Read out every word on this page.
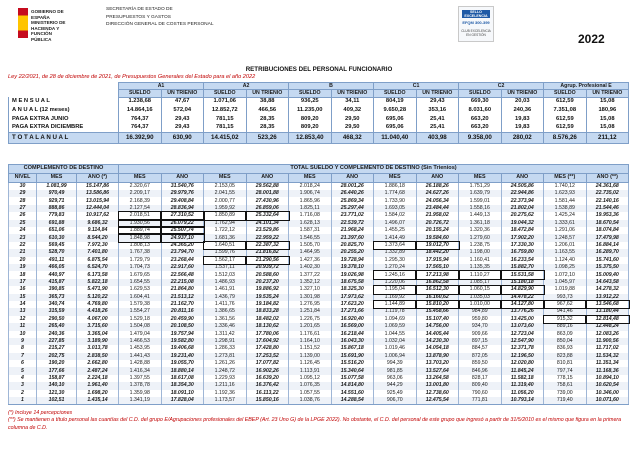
GOBIERNO DE ESPAÑA MINISTERIO DE HACIENDA Y FUNCIÓN PÚBLICA
SECRETARÍA DE ESTADO DE
PRESUPUESTOS Y GASTOS
DIRECCIÓN GENERAL DE COSTES PERSONAL
SELLO EXCELENCIA
EFQM 300-399
CLUB EXCELENCIA EN GESTIÓN	2022
RETRIBUCIONES DEL PERSONAL FUNCIONARIO
Ley 22/2021, de 28 de diciembre de 2021, de Presupuestos Generales del Estado para el año 2022
	A1		A2		B		C1		C2		Agrup. Profesional E	
	SUELDO	UN TRIENIO	SUELDO	UN TRIENIO	SUELDO	UN TRIENIO	SUELDO	UN TRIENIO	SUELDO	UN TRIENIO	SUELDO	UN TRIENIO
M E N S U A L	1.238,68	47,67	1.071,06	38,88	936,25	34,11	804,19	29,43	669,30	20,03	612,59	15,08
A N U A L (12 meses)	14.864,16	572,04	12.852,72	466,56	11.235,00	409,32	9.650,28	353,16	8.031,60	240,36	7.351,08	180,96
PAGA EXTRA JUNIO	764,37	29,43	781,15	28,35	809,20	29,50	695,06	25,41	663,20	19,83	612,59	15,08
PAGA EXTRA DICIEMBRE	764,37	29,43	781,15	28,35	809,20	29,50	695,06	25,41	663,20	19,83	612,59	15,08
T O T A L A N U A L	16.392,90	630,90	14.415,02	523,26	12.853,40	468,32	11.040,40	403,98	9.358,00	280,02	8.576,26	211,12
COMPLEMENTO DE DESTINO			TOTAL SUELDO Y COMPLEMENTO DE DESTINO (Sin Trienios)											
NIVEL	MES	AÑO (*)	MES	AÑO	MES	AÑO	MES	AÑO	MES	AÑO	MES	AÑO	MES (**)	AÑO (**)
30	1.081,99	15.147,86	2.320,67	31.540,76	2.153,05	29.562,88	2.018,24	28.001,26	1.886,18	26.188,26	1.751,29	24.505,86	1.740,12	24.361,68
29	970,49	13.586,86	2.209,17	29.979,76	2.041,55	28.001,88	1.906,74	26.440,26	1.774,68	24.627,26	1.639,79	22.944,86	1.623,93	22.735,02
28	929,71	13.015,94	2.168,39	29.408,84	2.000,77	27.430,96	1.865,96	25.869,34	1.733,90	24.056,34	1.599,01	22.373,94	1.581,44	22.140,16
27	888,86	12.444,04	2.127,54	28.836,94	1.959,92	26.859,06	1.825,11	25.297,44	1.693,05	23.484,44	1.558,16	21.802,04	1.538,89	21.544,46
26	779,83	10.917,62	2.018,51	27.310,52	1.850,89	25.332,64	1.716,08	23.771,02	1.584,02	21.958,02	1.449,13	20.275,62	1.425,24	19.953,36
25	691,88	9.686,32	1.930,56	26.079,22	1.762,94	24.101,34	1.628,13	22.539,72	1.496,07	20.726,72	1.361,18	19.044,32	1.333,61	18.670,54
24	651,06	9.114,84	1.889,74	25.507,74	1.722,12	23.529,86	1.587,31	21.968,24	1.455,25	20.155,24	1.320,36	18.472,84	1.291,06	18.074,84
23	610,30	8.544,20	1.848,98	24.937,10	1.681,36	22.959,22	1.546,55	21.397,60	1.414,49	19.584,60	1.279,60	17.902,20	1.248,57	17.479,98
22	569,45	7.972,30	1.808,13	24.365,20	1.640,51	22.387,32	1.505,70	20.825,70	1.373,64	19.012,70	1.238,75	17.330,30	1.206,01	16.884,14
21	528,70	7.401,80	1.767,38	23.794,70	1.599,76	21.816,82	1.464,95	20.255,20	1.332,89	18.442,20	1.198,00	16.759,80	1.163,55	16.289,70
20	491,11	6.875,54	1.729,79	23.268,44	1.562,17	21.290,56	1.427,36	19.728,94	1.295,30	17.915,94	1.160,41	16.233,54	1.124,40	15.741,60
19	466,05	6.524,70	1.704,73	22.917,60	1.537,11	20.939,72	1.402,30	19.378,10	1.270,24	17.565,10	1.135,35	15.882,70	1.098,25	15.375,50
18	440,97	6.173,58	1.679,65	22.566,48	1.512,03	20.588,60	1.377,22	19.026,98	1.245,16	17.213,98	1.110,27	15.531,58	1.072,10	15.009,40
17	415,87	5.822,18	1.654,55	22.215,08	1.486,93	20.237,20	1.352,12	18.675,58	1.220,06	16.862,58	1.085,17	15.180,18	1.045,97	14.643,58
16	390,85	5.471,90	1.629,53	21.864,80	1.461,91	19.886,92	1.327,10	18.325,30	1.195,04	16.512,30	1.060,15	14.829,90	1.019,88	14.278,32
15	365,73	5.120,22	1.604,41	21.513,12	1.436,79	19.535,24	1.301,98	17.973,62	1.169,92	16.160,62	1.035,03	14.478,22	993,73	13.912,22
14	340,74	4.769,80	1.579,38	21.162,70	1.411,76	19.184,82	1.276,95	17.623,20	1.144,89	15.810,20	1.010,00	14.127,80	967,62	13.546,68
13	315,59	4.418,26	1.554,27	20.811,16	1.386,65	18.833,28	1.251,84	17.271,66	1.119,78	15.458,66	984,89	13.776,26	941,46	13.180,44
12	290,50	4.067,00	1.529,18	20.459,90	1.361,56	18.482,02	1.226,75	16.920,40	1.094,69	15.107,40	959,80	13.425,00	915,32	12.814,48
11	265,40	3.715,60	1.504,08	20.108,50	1.336,46	18.130,62	1.201,65	16.569,00	1.069,59	14.756,00	934,70	13.073,60	889,16	12.448,24
10	240,36	3.365,04	1.479,04	19.757,94	1.311,42	17.780,06	1.176,61	16.218,44	1.044,55	14.405,44	909,66	12.723,04	863,09	12.083,26
9	227,85	3.189,90	1.466,53	19.582,80	1.298,91	17.604,92	1.164,10	16.043,30	1.032,04	14.230,30	897,15	12.547,90	850,04	11.900,56
8	215,27	3.013,78	1.453,95	19.406,68	1.286,33	17.428,80	1.151,52	15.867,18	1.019,46	14.054,18	884,57	12.371,78	836,93	11.717,02
7	202,75	2.838,50	1.441,43	19.231,40	1.273,81	17.253,52	1.139,00	15.691,90	1.006,94	13.878,90	872,05	12.196,50	823,88	11.534,32
6	190,20	2.662,80	1.428,88	19.055,70	1.261,26	17.077,82	1.126,45	15.516,20	994,39	13.703,20	859,50	12.020,80	810,81	11.351,34
5	177,66	2.487,24	1.416,34	18.880,14	1.248,72	16.902,26	1.113,91	15.340,64	981,85	13.527,64	846,96	11.845,24	797,74	11.168,36
4	158,87	2.224,18	1.397,55	18.617,08	1.229,93	16.639,20	1.095,12	15.077,58	963,06	13.264,58	828,17	11.582,18	778,15	10.894,10
3	140,10	1.961,40	1.378,78	18.354,30	1.211,16	16.376,42	1.076,35	14.814,80	944,29	13.001,80	809,40	11.319,40	758,61	10.620,54
2	121,30	1.698,20	1.359,98	18.091,10	1.192,36	16.113,22	1.057,55	14.551,60	925,49	12.738,60	790,60	11.056,20	739,00	10.346,00
1	102,51	1.435,14	1.341,19	17.828,04	1.173,57	15.850,16	1.038,76	14.288,54	906,70	12.475,54	771,81	10.793,14	719,40	10.071,60
(*) Incluye 14 percepciones
(**) Se mantienen a título personal las cuantías del C.D. del grupo E/Agrupaciones profesionales del EBEP (Art. 23 Uno G) de la LPGE 2022). No obstante, el C.D. del personal de este grupo que ingresó a partir de 31/5/2010 es el mismo que figura en la primera columna de C.D.
